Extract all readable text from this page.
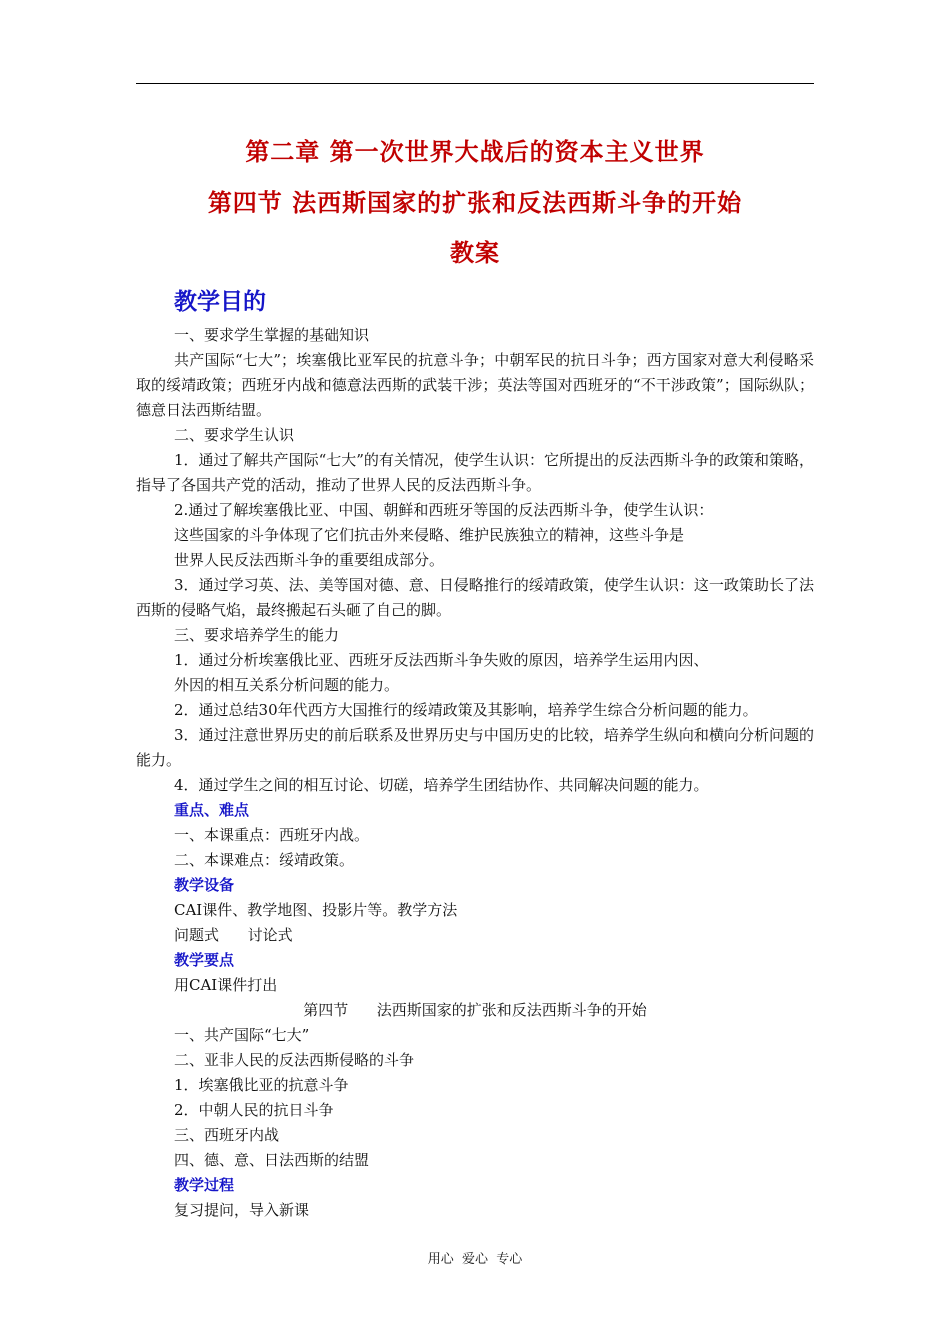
第二章 第一次世界大战后的资本主义世界
第四节 法西斯国家的扩张和反法西斯斗争的开始
教案
教学目的
一、要求学生掌握的基础知识
共产国际“七大”；埃塞俄比亚军民的抗意斗争；中朝军民的抗日斗争；西方国家对意大利侵略采取的绥靖政策；西班牙内战和德意法西斯的武装干涉；英法等国对西班牙的“不干涉政策”；国际纵队；德意日法西斯结盟。
二、要求学生认识
1．通过了解共产国际“七大”的有关情况，使学生认识：它所提出的反法西斯斗争的政策和策略，指导了各国共产党的活动，推动了世界人民的反法西斯斗争。
2.通过了解埃塞俄比亚、中国、朝鲜和西班牙等国的反法西斯斗争，使学生认识：
这些国家的斗争体现了它们抗击外来侵略、维护民族独立的精神，这些斗争是
世界人民反法西斯斗争的重要组成部分。
3．通过学习英、法、美等国对德、意、日侵略推行的绥靖政策，使学生认识：这一政策助长了法西斯的侵略气焰，最终搬起石头砸了自己的脚。
三、要求培养学生的能力
1．通过分析埃塞俄比亚、西班牙反法西斯斗争失败的原因，培养学生运用内因、
外因的相互关系分析问题的能力。
2．通过总结30年代西方大国推行的绥靖政策及其影响，培养学生综合分析问题的能力。
3．通过注意世界历史的前后联系及世界历史与中国历史的比较，培养学生纵向和横向分析问题的能力。
4．通过学生之间的相互讨论、切磋，培养学生团结协作、共同解决问题的能力。
重点、难点
一、本课重点：西班牙内战。
二、本课难点：绥靖政策。
教学设备
CAI课件、教学地图、投影片等。教学方法
问题式      讨论式
教学要点
用CAI课件打出
第四节      法西斯国家的扩张和反法西斯斗争的开始
一、共产国际“七大”
二、亚非人民的反法西斯侵略的斗争
1．埃塞俄比亚的抗意斗争
2．中朝人民的抗日斗争
三、西班牙内战
四、德、意、日法西斯的结盟
教学过程
复习提问，导入新课
用心  爱心  专心
